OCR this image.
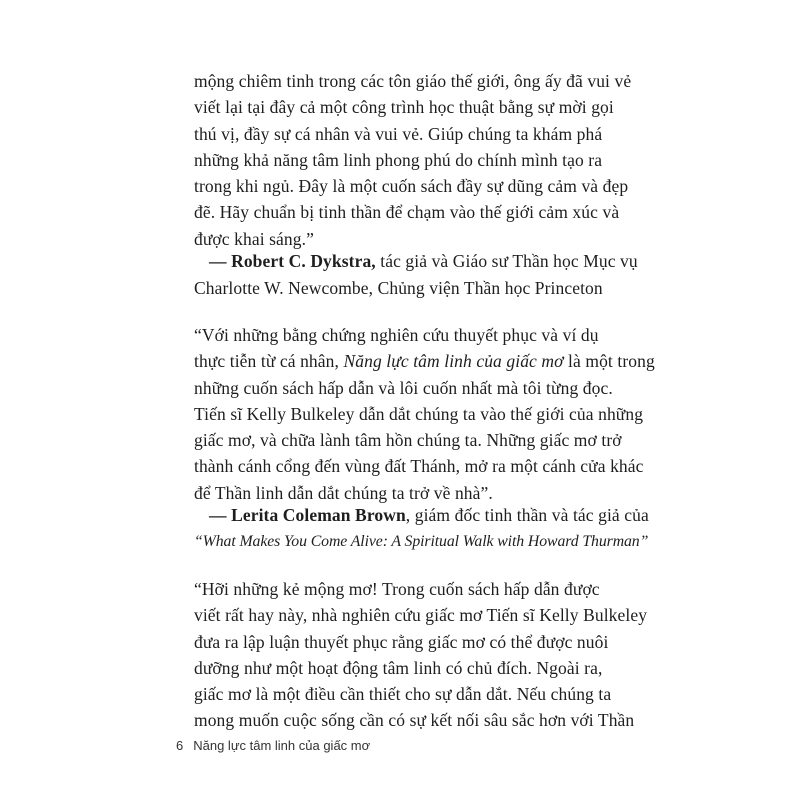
mộng chiêm tinh trong các tôn giáo thế giới, ông ấy đã vui vẻ
viết lại tại đây cả một công trình học thuật bằng sự mời gọi
thú vị, đầy sự cá nhân và vui vẻ. Giúp chúng ta khám phá
những khả năng tâm linh phong phú do chính mình tạo ra
trong khi ngủ. Đây là một cuốn sách đầy sự dũng cảm và đẹp
đẽ. Hãy chuẩn bị tinh thần để chạm vào thế giới cảm xúc và
được khai sáng.”
— Robert C. Dykstra, tác giả và Giáo sư Thần học Mục vụ
Charlotte W. Newcombe, Chủng viện Thần học Princeton
“Với những bằng chứng nghiên cứu thuyết phục và ví dụ
thực tiễn từ cá nhân, Năng lực tâm linh của giấc mơ là một trong
những cuốn sách hấp dẫn và lôi cuốn nhất mà tôi từng đọc.
Tiến sĩ Kelly Bulkeley dẫn dắt chúng ta vào thế giới của những
giấc mơ, và chữa lành tâm hồn chúng ta. Những giấc mơ trở
thành cánh cổng đến vùng đất Thánh, mở ra một cánh cửa khác
để Thần linh dẫn dắt chúng ta trở về nhà”.
— Lerita Coleman Brown, giám đốc tinh thần và tác giả của
“What Makes You Come Alive: A Spiritual Walk with Howard Thurman”
“Hỡi những kẻ mộng mơ! Trong cuốn sách hấp dẫn được
viết rất hay này, nhà nghiên cứu giấc mơ Tiến sĩ Kelly Bulkeley
đưa ra lập luận thuyết phục rằng giấc mơ có thể được nuôi
dưỡng như một hoạt động tâm linh có chủ đích. Ngoài ra,
giấc mơ là một điều cần thiết cho sự dẫn dắt. Nếu chúng ta
mong muốn cuộc sống cần có sự kết nối sâu sắc hơn với Thần
6 Năng lực tâm linh của giấc mơ
